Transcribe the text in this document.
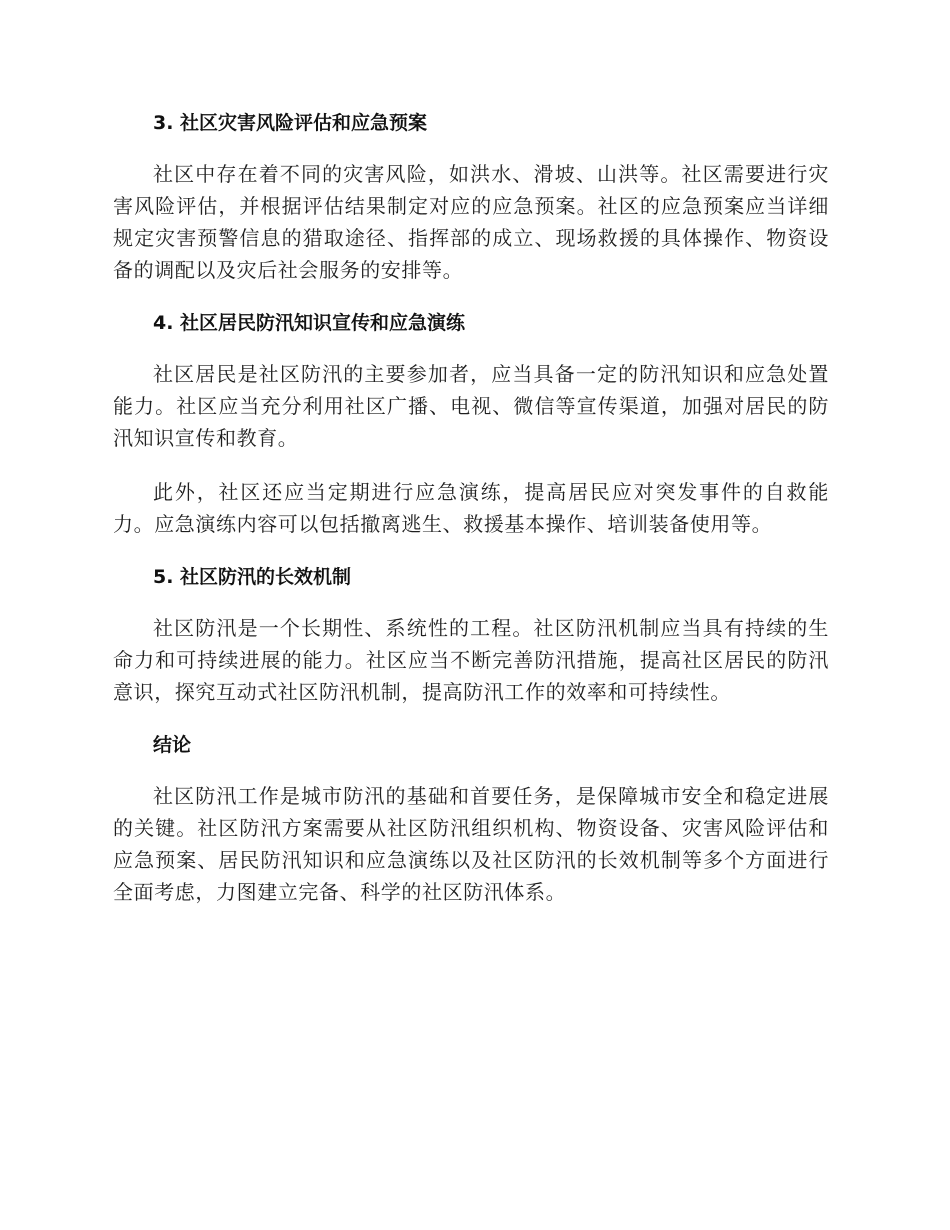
3. 社区灾害风险评估和应急预案

社区中存在着不同的灾害风险，如洪水、滑坡、山洪等。社区需要进行灾害风险评估，并根据评估结果制定对应的应急预案。社区的应急预案应当详细规定灾害预警信息的猎取途径、指挥部的成立、现场救援的具体操作、物资设备的调配以及灾后社会服务的安排等。

4. 社区居民防汛知识宣传和应急演练

社区居民是社区防汛的主要参加者，应当具备一定的防汛知识和应急处置能力。社区应当充分利用社区广播、电视、微信等宣传渠道，加强对居民的防汛知识宣传和教育。

此外，社区还应当定期进行应急演练，提高居民应对突发事件的自救能力。应急演练内容可以包括撤离逃生、救援基本操作、培训装备使用等。

5. 社区防汛的长效机制

社区防汛是一个长期性、系统性的工程。社区防汛机制应当具有持续的生命力和可持续进展的能力。社区应当不断完善防汛措施，提高社区居民的防汛意识，探究互动式社区防汛机制，提高防汛工作的效率和可持续性。

结论

社区防汛工作是城市防汛的基础和首要任务，是保障城市安全和稳定进展的关键。社区防汛方案需要从社区防汛组织机构、物资设备、灾害风险评估和应急预案、居民防汛知识和应急演练以及社区防汛的长效机制等多个方面进行全面考虑，力图建立完备、科学的社区防汛体系。
